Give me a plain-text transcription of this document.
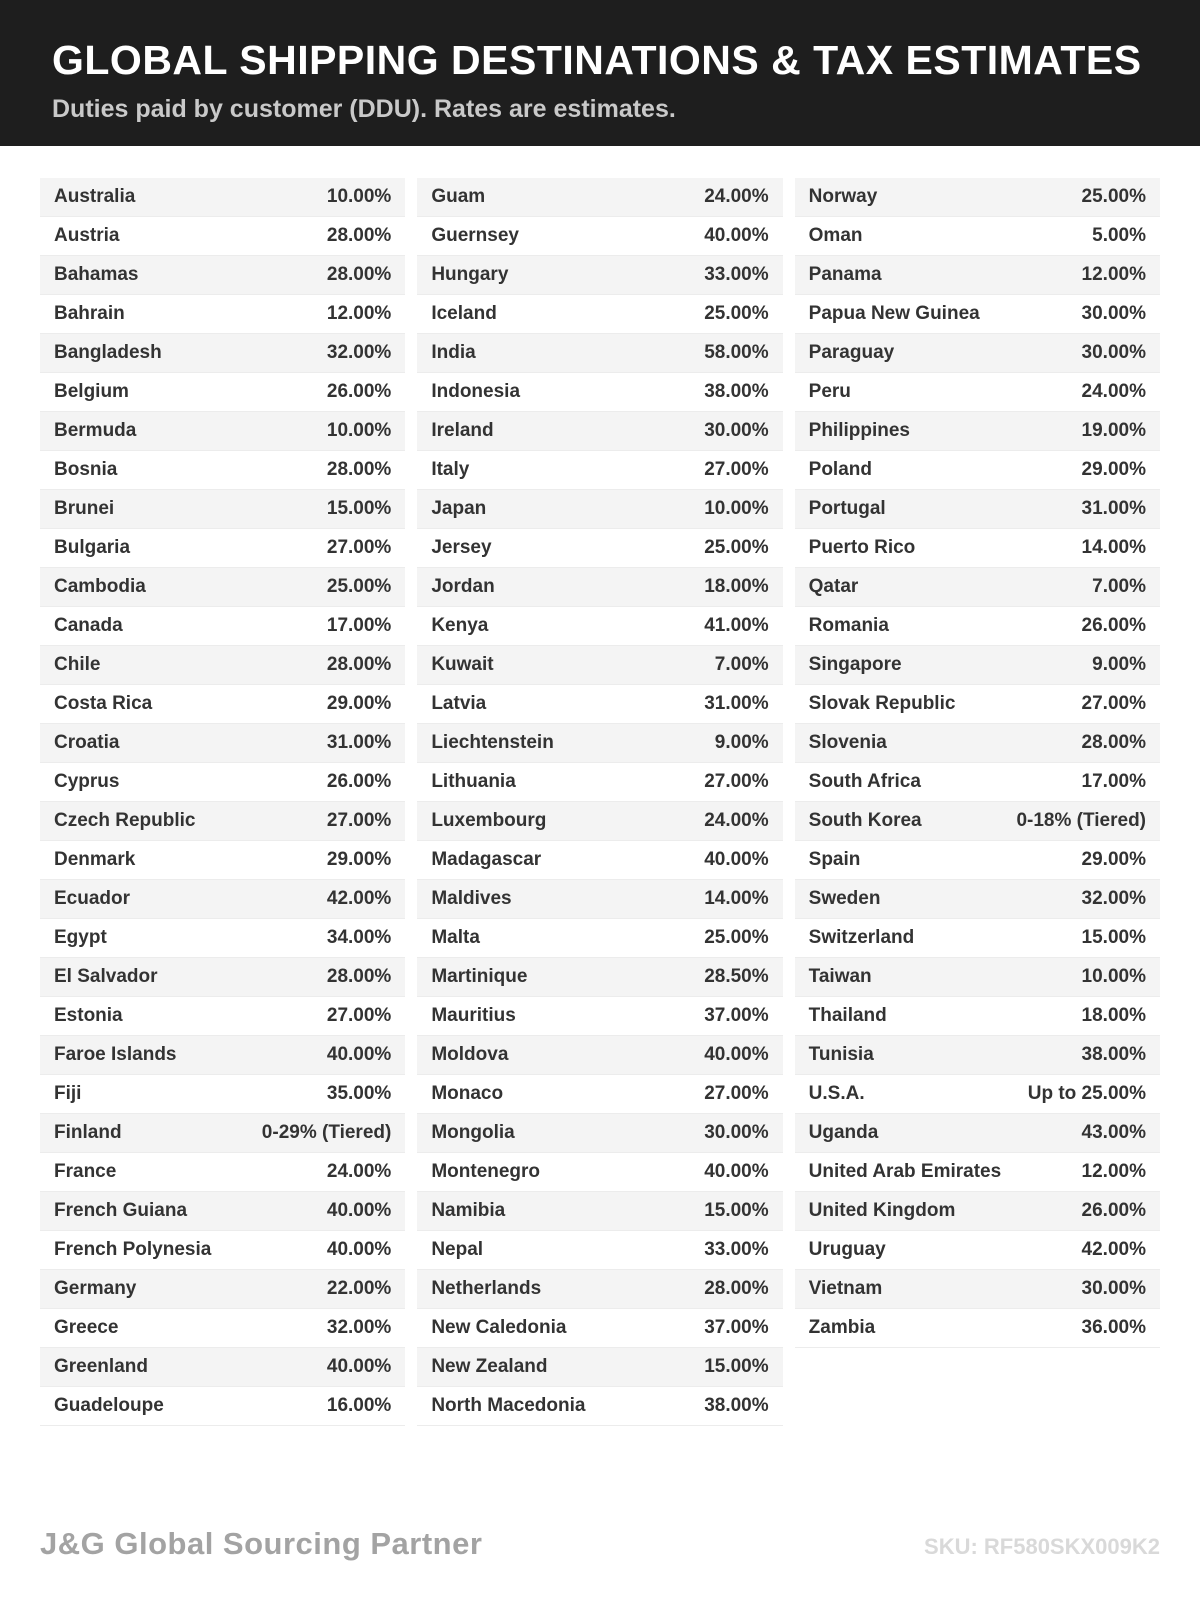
GLOBAL SHIPPING DESTINATIONS & TAX ESTIMATES

Duties paid by customer (DDU). Rates are estimates.

Australia	10.00%
Austria	28.00%
Bahamas	28.00%
Bahrain	12.00%
Bangladesh	32.00%
Belgium	26.00%
Bermuda	10.00%
Bosnia	28.00%
Brunei	15.00%
Bulgaria	27.00%
Cambodia	25.00%
Canada	17.00%
Chile	28.00%
Costa Rica	29.00%
Croatia	31.00%
Cyprus	26.00%
Czech Republic	27.00%
Denmark	29.00%
Ecuador	42.00%
Egypt	34.00%
El Salvador	28.00%
Estonia	27.00%
Faroe Islands	40.00%
Fiji	35.00%
Finland	0-29% (Tiered)
France	24.00%
French Guiana	40.00%
French Polynesia	40.00%
Germany	22.00%
Greece	32.00%
Greenland	40.00%
Guadeloupe	16.00%
Guam	24.00%
Guernsey	40.00%
Hungary	33.00%
Iceland	25.00%
India	58.00%
Indonesia	38.00%
Ireland	30.00%
Italy	27.00%
Japan	10.00%
Jersey	25.00%
Jordan	18.00%
Kenya	41.00%
Kuwait	7.00%
Latvia	31.00%
Liechtenstein	9.00%
Lithuania	27.00%
Luxembourg	24.00%
Madagascar	40.00%
Maldives	14.00%
Malta	25.00%
Martinique	28.50%
Mauritius	37.00%
Moldova	40.00%
Monaco	27.00%
Mongolia	30.00%
Montenegro	40.00%
Namibia	15.00%
Nepal	33.00%
Netherlands	28.00%
New Caledonia	37.00%
New Zealand	15.00%
North Macedonia	38.00%
Norway	25.00%
Oman	5.00%
Panama	12.00%
Papua New Guinea	30.00%
Paraguay	30.00%
Peru	24.00%
Philippines	19.00%
Poland	29.00%
Portugal	31.00%
Puerto Rico	14.00%
Qatar	7.00%
Romania	26.00%
Singapore	9.00%
Slovak Republic	27.00%
Slovenia	28.00%
South Africa	17.00%
South Korea	0-18% (Tiered)
Spain	29.00%
Sweden	32.00%
Switzerland	15.00%
Taiwan	10.00%
Thailand	18.00%
Tunisia	38.00%
U.S.A.	Up to 25.00%
Uganda	43.00%
United Arab Emirates	12.00%
United Kingdom	26.00%
Uruguay	42.00%
Vietnam	30.00%
Zambia	36.00%
J&G Global Sourcing Partner	SKU: RF580SKX009K2
